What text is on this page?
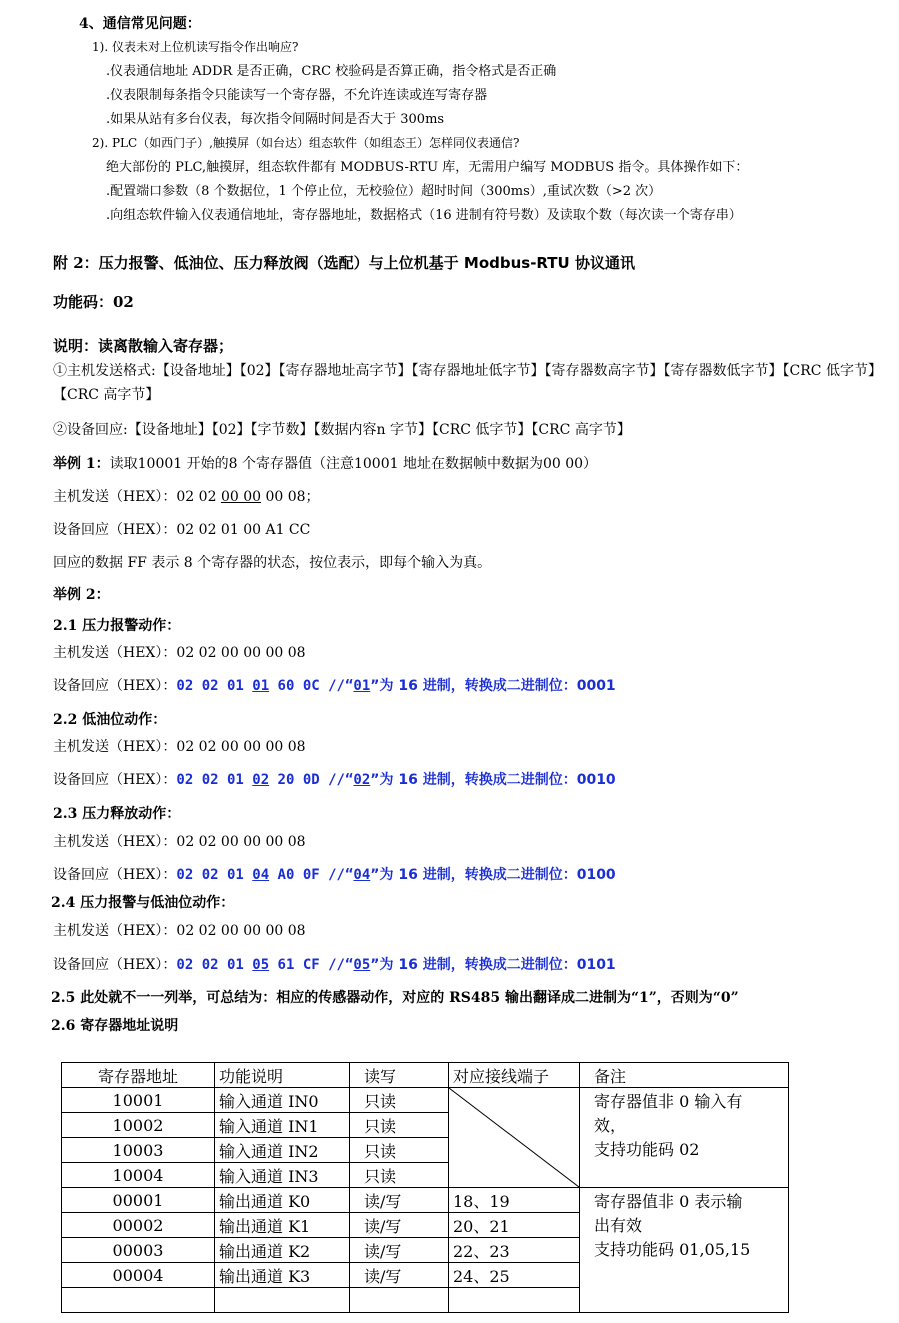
4、通信常见问题：
1). 仪表未对上位机读写指令作出响应?
.仪表通信地址 ADDR 是否正确，CRC 校验码是否算正确，指令格式是否正确
.仪表限制每条指令只能读写一个寄存器，不允许连读或连写寄存器
.如果从站有多台仪表，每次指令间隔时间是否大于 300ms
2). PLC（如西门子）,触摸屏（如台达）组态软件（如组态王）怎样同仪表通信?
绝大部份的 PLC,触摸屏，组态软件都有 MODBUS-RTU 库，无需用户编写 MODBUS 指令。具体操作如下：
.配置端口参数（8 个数据位，1 个停止位，无校验位）超时时间（300ms）,重试次数（>2 次）
.向组态软件输入仪表通信地址，寄存器地址，数据格式（16 进制有符号数）及读取个数（每次读一个寄存串）
附 2：压力报警、低油位、压力释放阀（选配）与上位机基于 Modbus-RTU 协议通讯
功能码：02
说明：读离散输入寄存器；
①主机发送格式:【设备地址】【02】【寄存器地址高字节】【寄存器地址低字节】【寄存器数高字节】【寄存器数低字节】【CRC 低字节】
【CRC 高字节】
②设备回应:【设备地址】【02】【字节数】【数据内容n 字节】【CRC 低字节】【CRC 高字节】
举例 1：读取10001 开始的8 个寄存器值（注意10001 地址在数据帧中数据为00 00）
主机发送（HEX）：02 02 00 00 00 08；
设备回应（HEX）：02 02 01 00 A1 CC
回应的数据 FF 表示 8 个寄存器的状态，按位表示，即每个输入为真。
举例 2：
2.1 压力报警动作：
主机发送（HEX）：02 02 00 00 00 08
设备回应（HEX）：02 02 01 01 60 0C //“01”为 16 进制，转换成二进制位：0001
2.2 低油位动作：
主机发送（HEX）：02 02 00 00 00 08
设备回应（HEX）：02 02 01 02 20 0D //“02”为 16 进制，转换成二进制位：0010
2.3 压力释放动作：
主机发送（HEX）：02 02 00 00 00 08
设备回应（HEX）：02 02 01 04 A0 0F //“04”为 16 进制，转换成二进制位：0100
2.4 压力报警与低油位动作：
主机发送（HEX）：02 02 00 00 00 08
设备回应（HEX）：02 02 01 05 61 CF //“05”为 16 进制，转换成二进制位：0101
2.5 此处就不一一列举，可总结为：相应的传感器动作，对应的 RS485 输出翻译成二进制为“1”，否则为“0”
2.6 寄存器地址说明
寄存器地址	功能说明	读写	对应接线端子	备注
10001	输入通道 IN0	只读		寄存器值非 0 输入有
效，
支持功能码 02
10002	输入通道 IN1	只读		
10003	输入通道 IN2	只读		
10004	输入通道 IN3	只读		
00001	输出通道 K0	读/写	18、19	寄存器值非 0 表示输
出有效
支持功能码 01,05,15
00002	输出通道 K1	读/写	20、21	
00003	输出通道 K2	读/写	22、23	
00004	输出通道 K3	读/写	24、25	
